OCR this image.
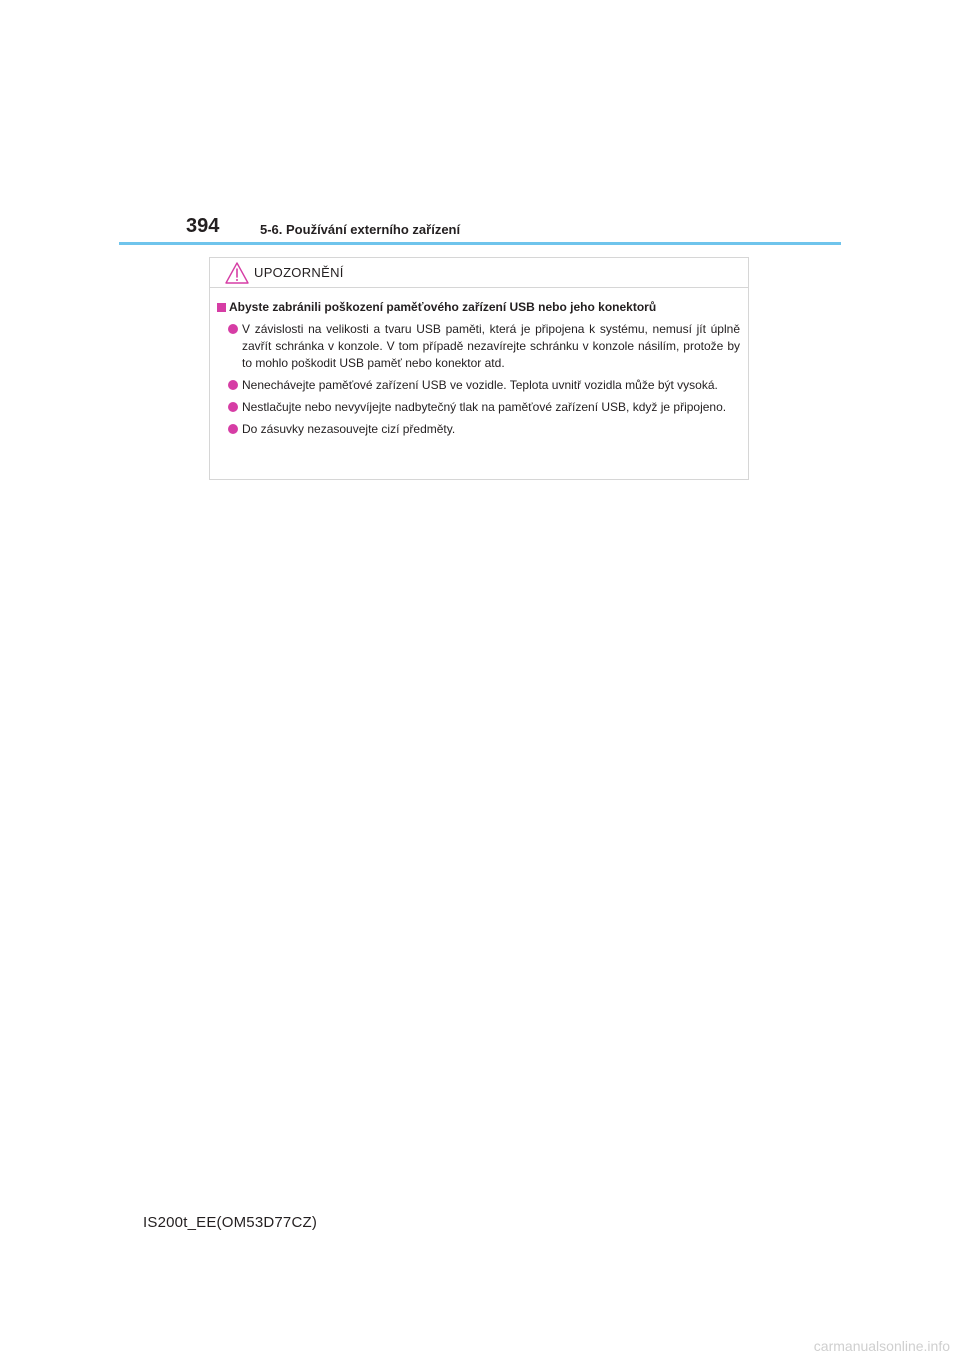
394	5-6. Používání externího zařízení
UPOZORNĚNÍ
Abyste zabránili poškození paměťového zařízení USB nebo jeho konektorů
V závislosti na velikosti a tvaru USB paměti, která je připojena k systému, nemusí jít úplně zavřít schránka v konzole. V tom případě nezavírejte schránku v konzole násilím, protože by to mohlo poškodit USB paměť nebo konektor atd.
Nenechávejte paměťové zařízení USB ve vozidle. Teplota uvnitř vozidla může být vysoká.
Nestlačujte nebo nevyvíjejte nadbytečný tlak na paměťové zařízení USB, když je připojeno.
Do zásuvky nezasouvejte cizí předměty.
IS200t_EE(OM53D77CZ)
carmanualsonline.info
